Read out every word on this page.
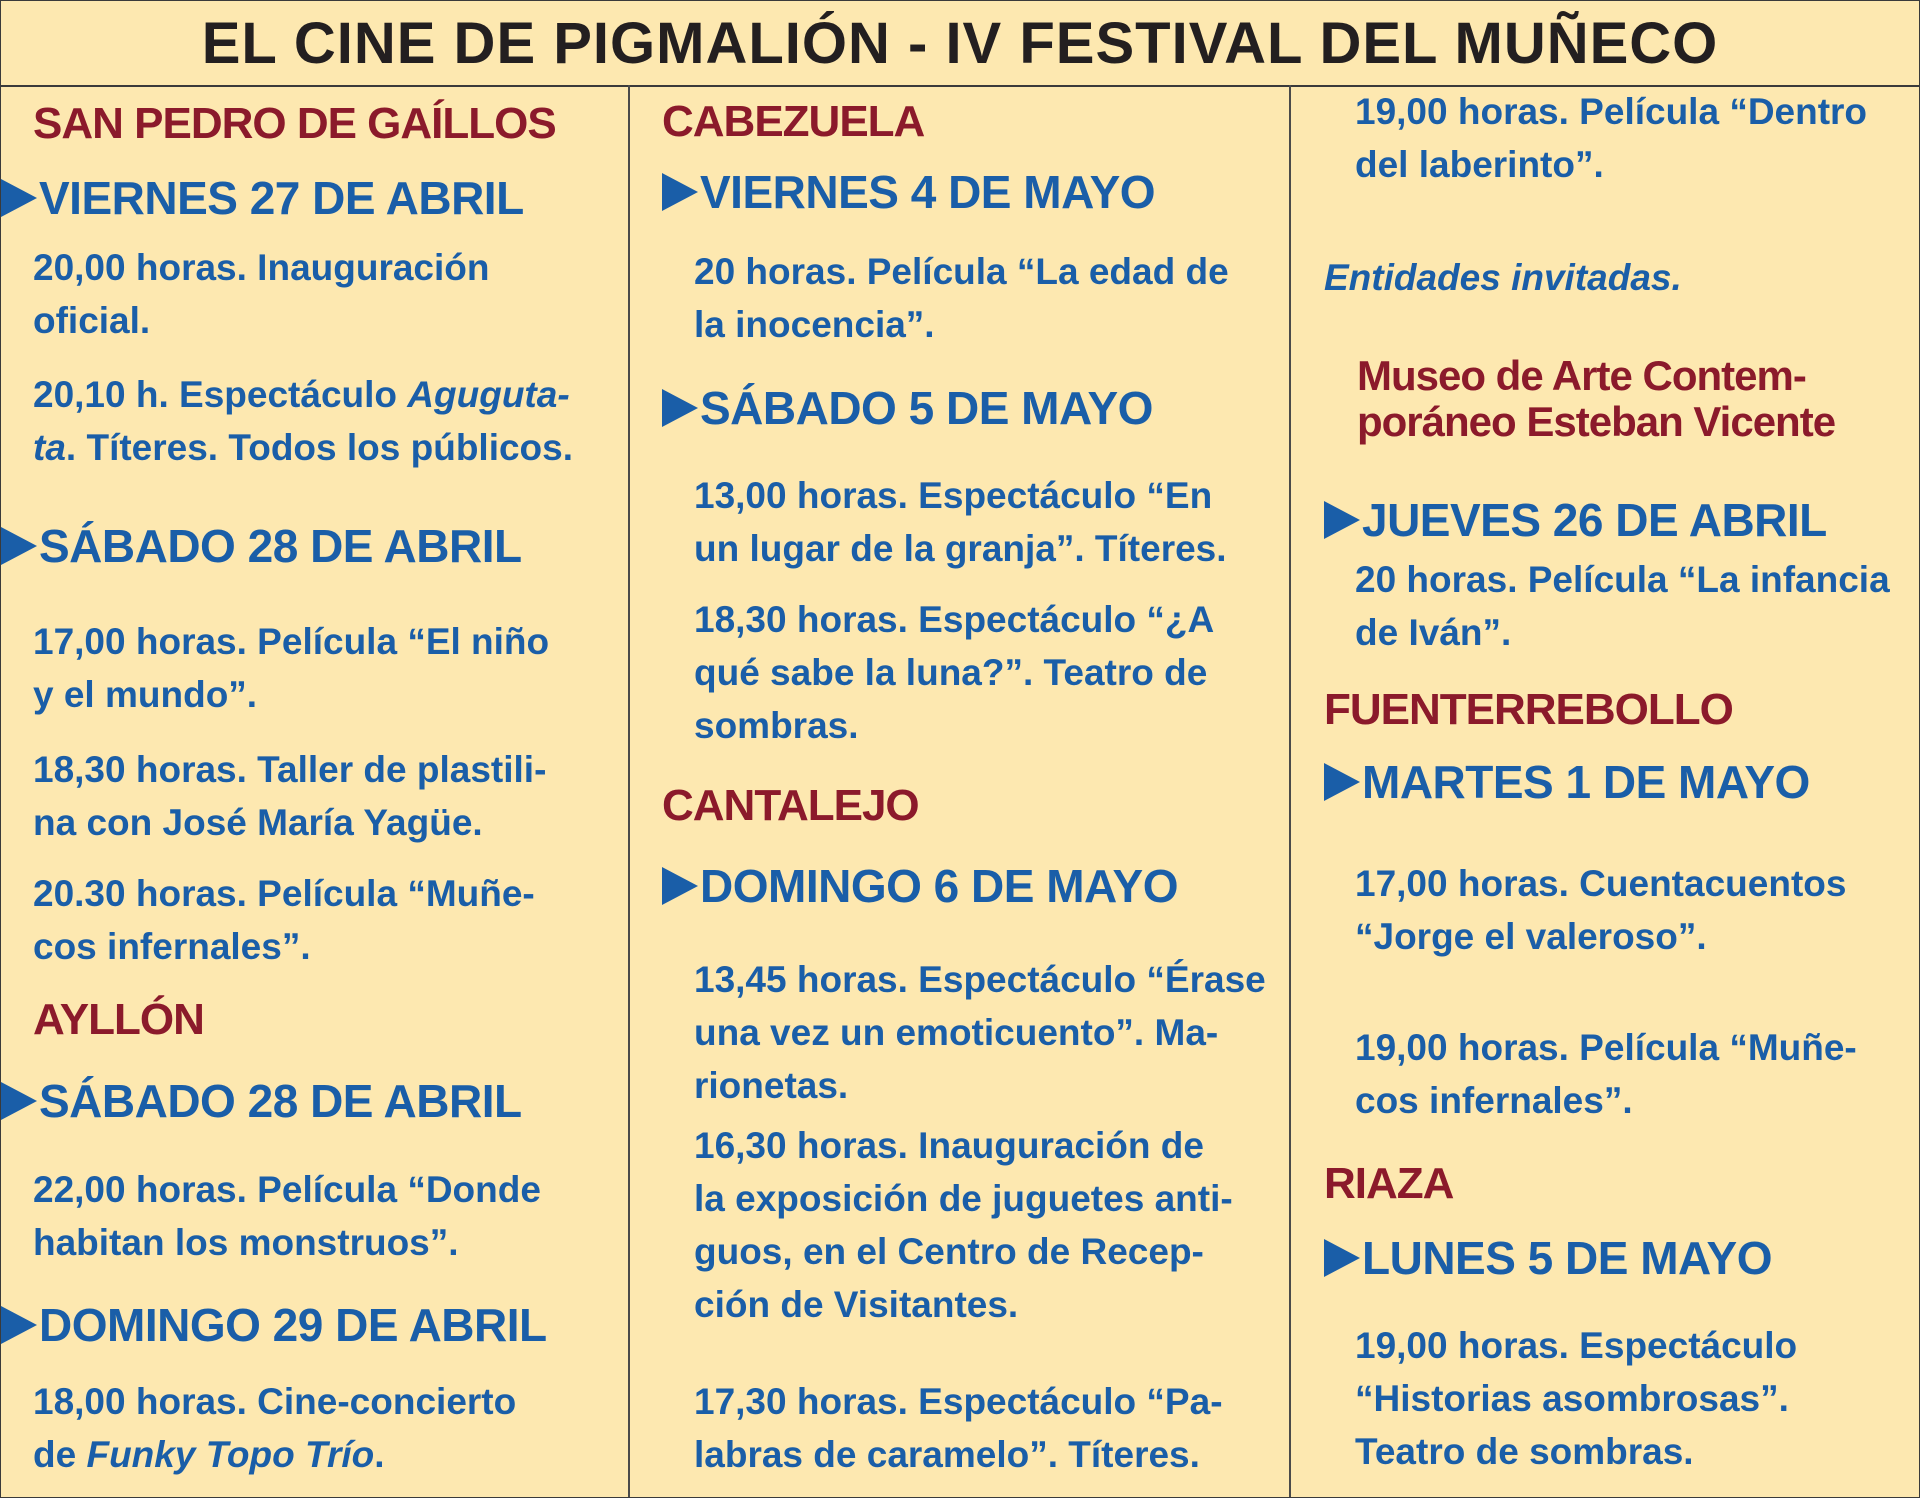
EL CINE DE PIGMALIÓN - IV FESTIVAL DEL MUÑECO
SAN PEDRO DE GAÍLLOS
VIERNES 27 DE ABRIL
20,00 horas. Inauguración
oficial.
20,10 h. Espectáculo Aguguta-
ta. Títeres. Todos los públicos.
SÁBADO 28 DE ABRIL
17,00 horas. Película “El niño
y el mundo”.
18,30 horas. Taller de plastili-
na con José María Yagüe.
20.30 horas. Película “Muñe-
cos infernales”.
AYLLÓN
SÁBADO 28 DE ABRIL
22,00 horas. Película “Donde
habitan los monstruos”.
DOMINGO 29 DE ABRIL
18,00 horas. Cine-concierto
de Funky Topo Trío.
CABEZUELA
VIERNES 4 DE MAYO
20 horas. Película “La edad de
la inocencia”.
SÁBADO 5 DE MAYO
13,00 horas. Espectáculo “En
un lugar de la granja”. Títeres.
18,30 horas. Espectáculo “¿A
qué sabe la luna?”. Teatro de
sombras.
CANTALEJO
DOMINGO 6 DE MAYO
13,45 horas. Espectáculo “Érase
una vez un emoticuento”. Ma-
rionetas.
16,30 horas. Inauguración de
la exposición de juguetes anti-
guos, en el Centro de Recep-
ción de Visitantes.
17,30 horas. Espectáculo “Pa-
labras de caramelo”. Títeres.
19,00 horas. Película “Dentro
del laberinto”.
Entidades invitadas.
Museo de Arte Contem-
poráneo Esteban Vicente
JUEVES 26 DE ABRIL
20 horas. Película “La infancia
de Iván”.
FUENTERREBOLLO
MARTES 1 DE MAYO
17,00 horas. Cuentacuentos
“Jorge el valeroso”.
19,00 horas. Película “Muñe-
cos infernales”.
RIAZA
LUNES 5 DE MAYO
19,00 horas. Espectáculo
“Historias asombrosas”.
Teatro de sombras.
